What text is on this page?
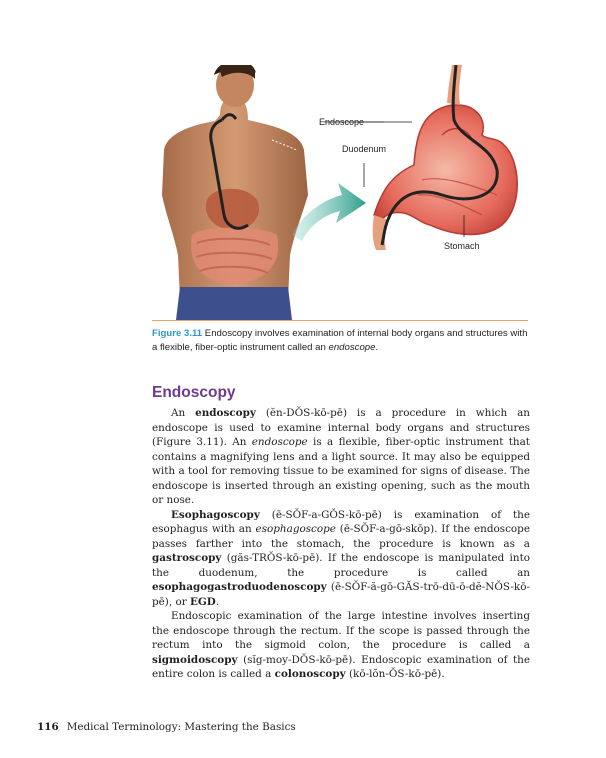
Endoscope
Duodenum
Stomach
Figure 3.11 Endoscopy involves examination of internal body organs and structures with a flexible, fiber-optic instrument called an endoscope.
Endoscopy

An endoscopy (ĕn-DŎS-kō-pē) is a procedure in which an endoscope is used to examine internal body organs and structures (Figure 3.11). An endoscope is a flexible, fiber-optic instrument that contains a magnifying lens and a light source. It may also be equipped with a tool for removing tissue to be examined for signs of disease. The endoscope is inserted through an existing opening, such as the mouth or nose.

Esophagoscopy (ē-SŎF-a-GŎS-kō-pē) is examination of the esophagus with an esophagoscope (ē-SŎF-a-gō-skōp). If the endoscope passes farther into the stomach, the procedure is known as a gastroscopy (găs-TRŎS-kō-pē). If the endoscope is manipulated into the duodenum, the procedure is called an esophagogastroduodenoscopy (ē-SŎF-ă-gō-GĂS-trō-dū-ō-dĕ-NŎS-kō-pē), or EGD.

Endoscopic examination of the large intestine involves inserting the endoscope through the rectum. If the scope is passed through the rectum into the sigmoid colon, the procedure is called a sigmoidoscopy (sĭg-moy-DŎS-kō-pē). Endoscopic examination of the entire colon is called a colonoscopy (kō-lŏn-ŎS-kō-pē).

116 Medical Terminology: Mastering the Basics
